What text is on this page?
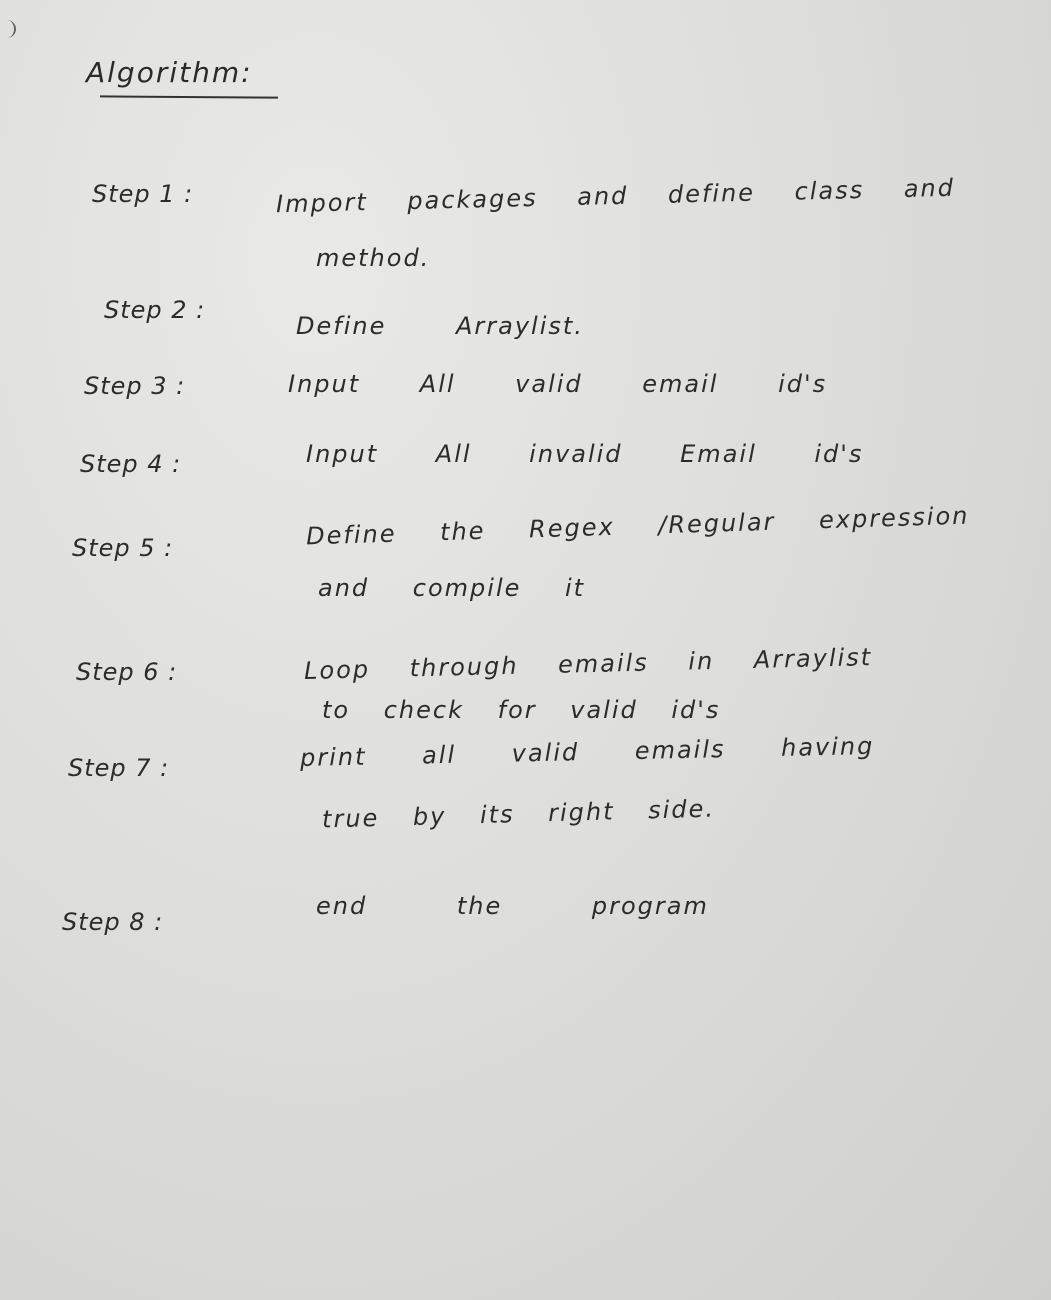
Algorithm:
Step 1 :	Import packages and define class and
method.
Step 2 :
Define Arraylist.
Step 3 :	Input All valid email id's
Step 4 :	Input All invalid Email id's
Step 5 :	Define the Regex /Regular expression
and compile it
Step 6 :	Loop through emails in Arraylist
to check for valid id's
Step 7 :	print all valid emails having
true by its right side.
Step 8 :
end the program
